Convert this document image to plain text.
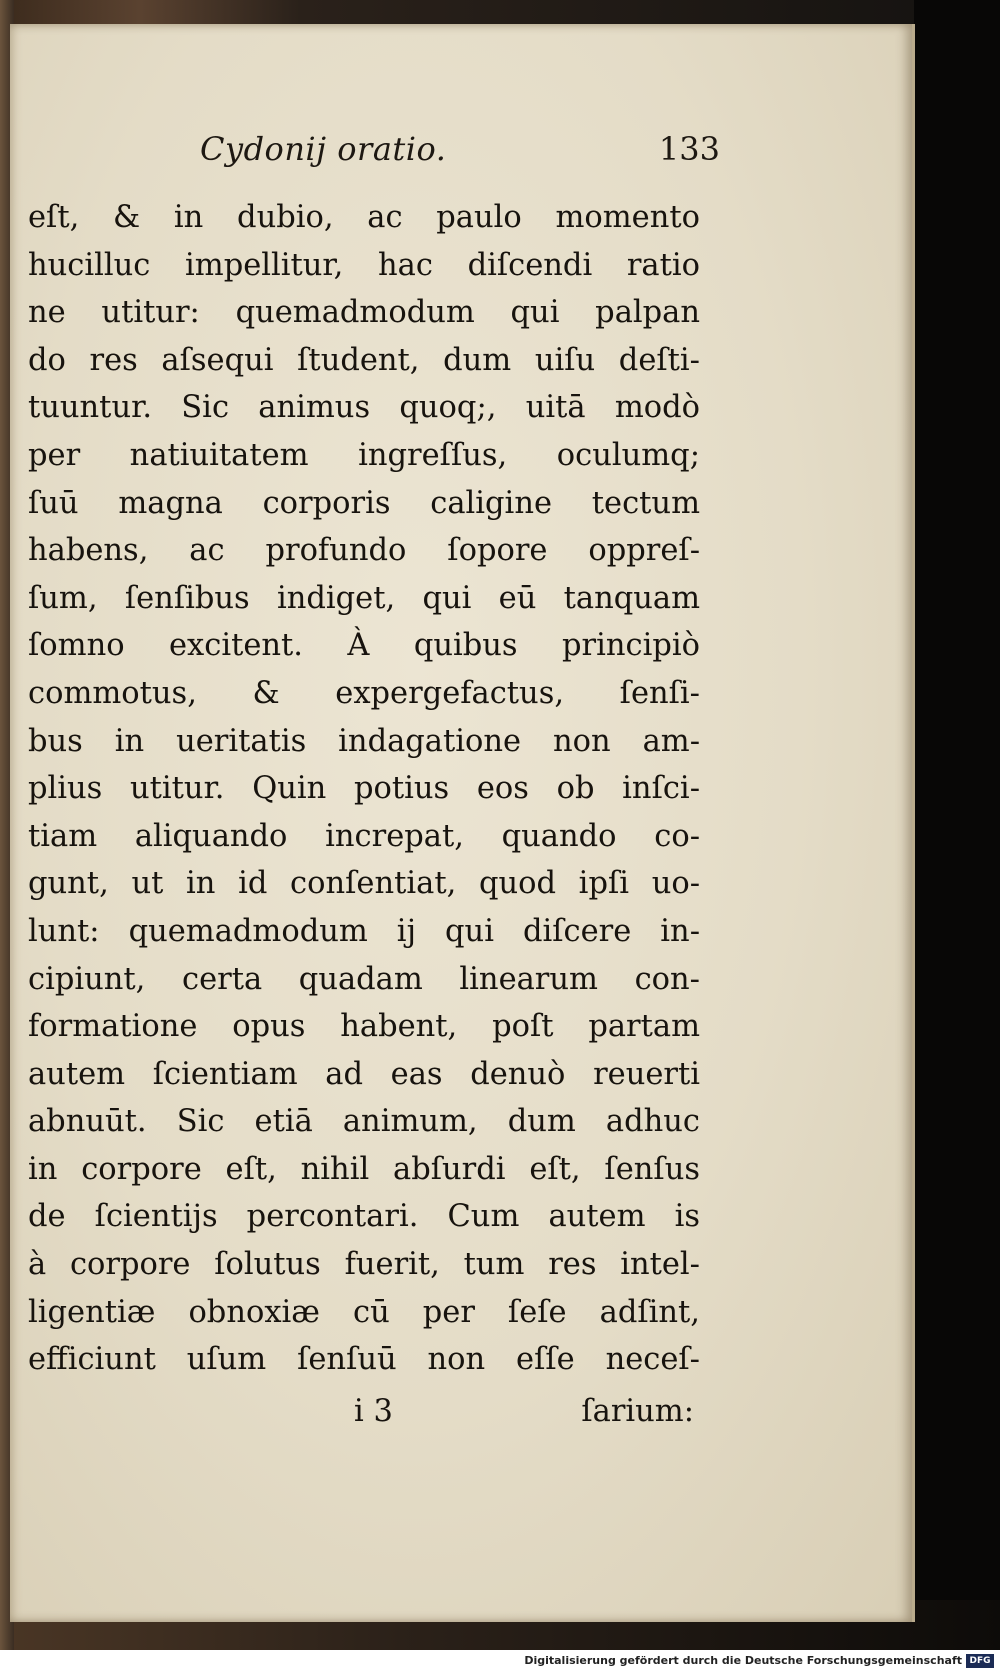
Cydonij oratio.	133
eſt, & in dubio, ac paulo momento
hucilluc impellitur, hac diſcendi ratio
ne utitur: quemadmodum qui palpan
do res aſsequi ſtudent, dum uiſu deſti-
tuuntur. Sic animus quoq;, uitā modò
per natiuitatem ingreſſus, oculumq;
ſuū magna corporis caligine tectum
habens, ac profundo ſopore oppreſ-
ſum, ſenſibus indiget, qui eū tanquam
ſomno excitent. À quibus principiò
commotus, & expergefactus, ſenſi-
bus in ueritatis indagatione non am-
plius utitur. Quin potius eos ob inſci-
tiam aliquando increpat, quando co-
gunt, ut in id conſentiat, quod ipſi uo-
lunt: quemadmodum ij qui diſcere in-
cipiunt, certa quadam linearum con-
formatione opus habent, poſt partam
autem ſcientiam ad eas denuò reuerti
abnuūt. Sic etiā animum, dum adhuc
in corpore eſt, nihil abſurdi eſt, ſenſus
de ſcientijs percontari. Cum autem is
à corpore ſolutus fuerit, tum res intel-
ligentiæ obnoxiæ cū per ſeſe adſint,
efficiunt uſum ſenſuū non eſſe neceſ-
i 3	ſarium:
Digitalisierung gefördert durch die Deutsche Forschungsgemeinschaft DFG
